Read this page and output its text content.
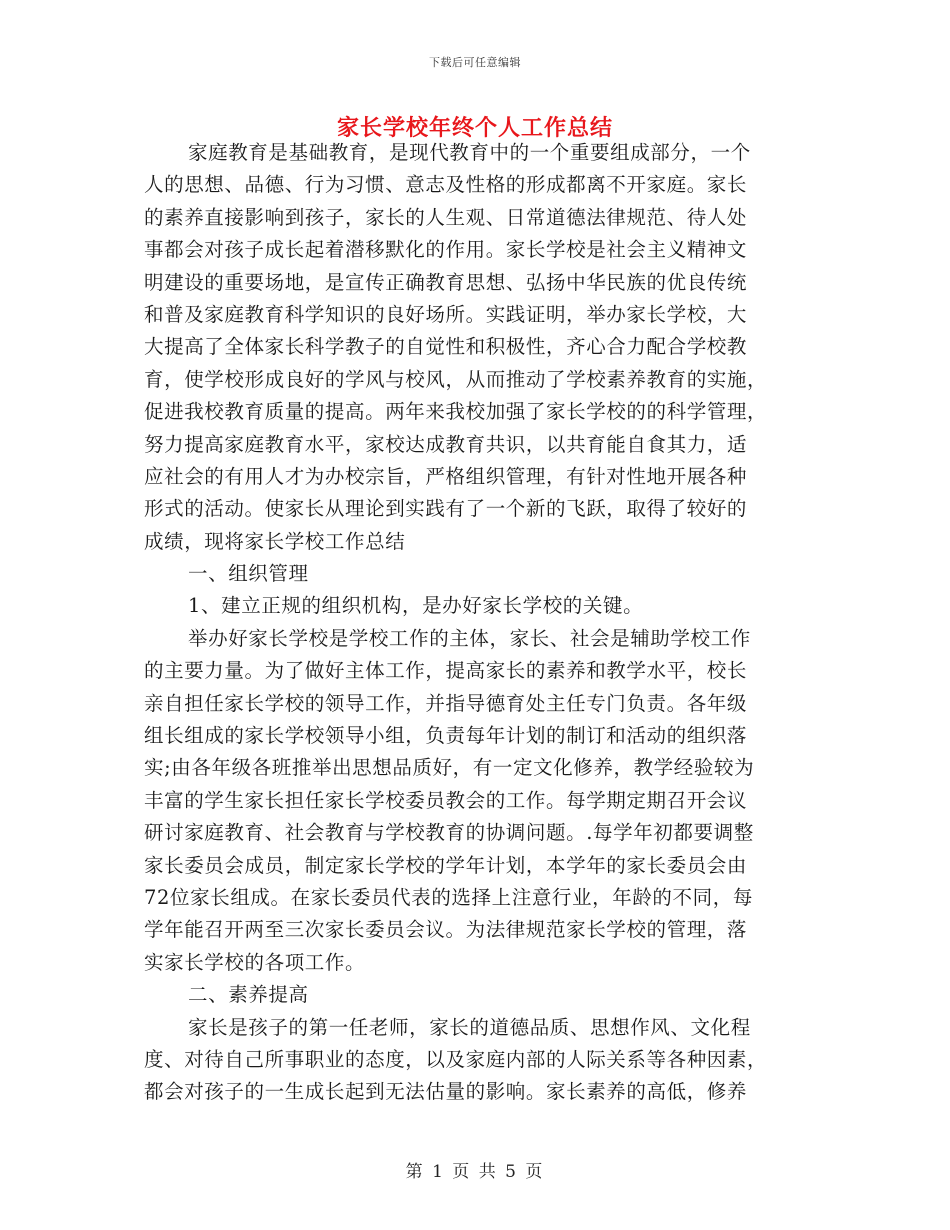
下载后可任意编辑
家长学校年终个人工作总结
家庭教育是基础教育，是现代教育中的一个重要组成部分，一个
人的思想、品德、行为习惯、意志及性格的形成都离不开家庭。家长
的素养直接影响到孩子，家长的人生观、日常道德法律规范、待人处
事都会对孩子成长起着潜移默化的作用。家长学校是社会主义精神文
明建设的重要场地，是宣传正确教育思想、弘扬中华民族的优良传统
和普及家庭教育科学知识的良好场所。实践证明，举办家长学校，大
大提高了全体家长科学教子的自觉性和积极性，齐心合力配合学校教
育，使学校形成良好的学风与校风，从而推动了学校素养教育的实施，
促进我校教育质量的提高。两年来我校加强了家长学校的的科学管理，
努力提高家庭教育水平，家校达成教育共识，以共育能自食其力，适
应社会的有用人才为办校宗旨，严格组织管理，有针对性地开展各种
形式的活动。使家长从理论到实践有了一个新的飞跃，取得了较好的
成绩，现将家长学校工作总结
一、组织管理
1、建立正规的组织机构，是办好家长学校的关键。
举办好家长学校是学校工作的主体，家长、社会是辅助学校工作
的主要力量。为了做好主体工作，提高家长的素养和教学水平，校长
亲自担任家长学校的领导工作，并指导德育处主任专门负责。各年级
组长组成的家长学校领导小组，负责每年计划的制订和活动的组织落
实;由各年级各班推举出思想品质好，有一定文化修养，教学经验较为
丰富的学生家长担任家长学校委员教会的工作。每学期定期召开会议
研讨家庭教育、社会教育与学校教育的协调问题。.每学年初都要调整
家长委员会成员，制定家长学校的学年计划，本学年的家长委员会由
72位家长组成。在家长委员代表的选择上注意行业，年龄的不同，每
学年能召开两至三次家长委员会议。为法律规范家长学校的管理，落
实家长学校的各项工作。
二、素养提高
家长是孩子的第一任老师，家长的道德品质、思想作风、文化程
度、对待自己所事职业的态度，以及家庭内部的人际关系等各种因素，
都会对孩子的一生成长起到无法估量的影响。家长素养的高低，修养
第 1 页 共 5 页
